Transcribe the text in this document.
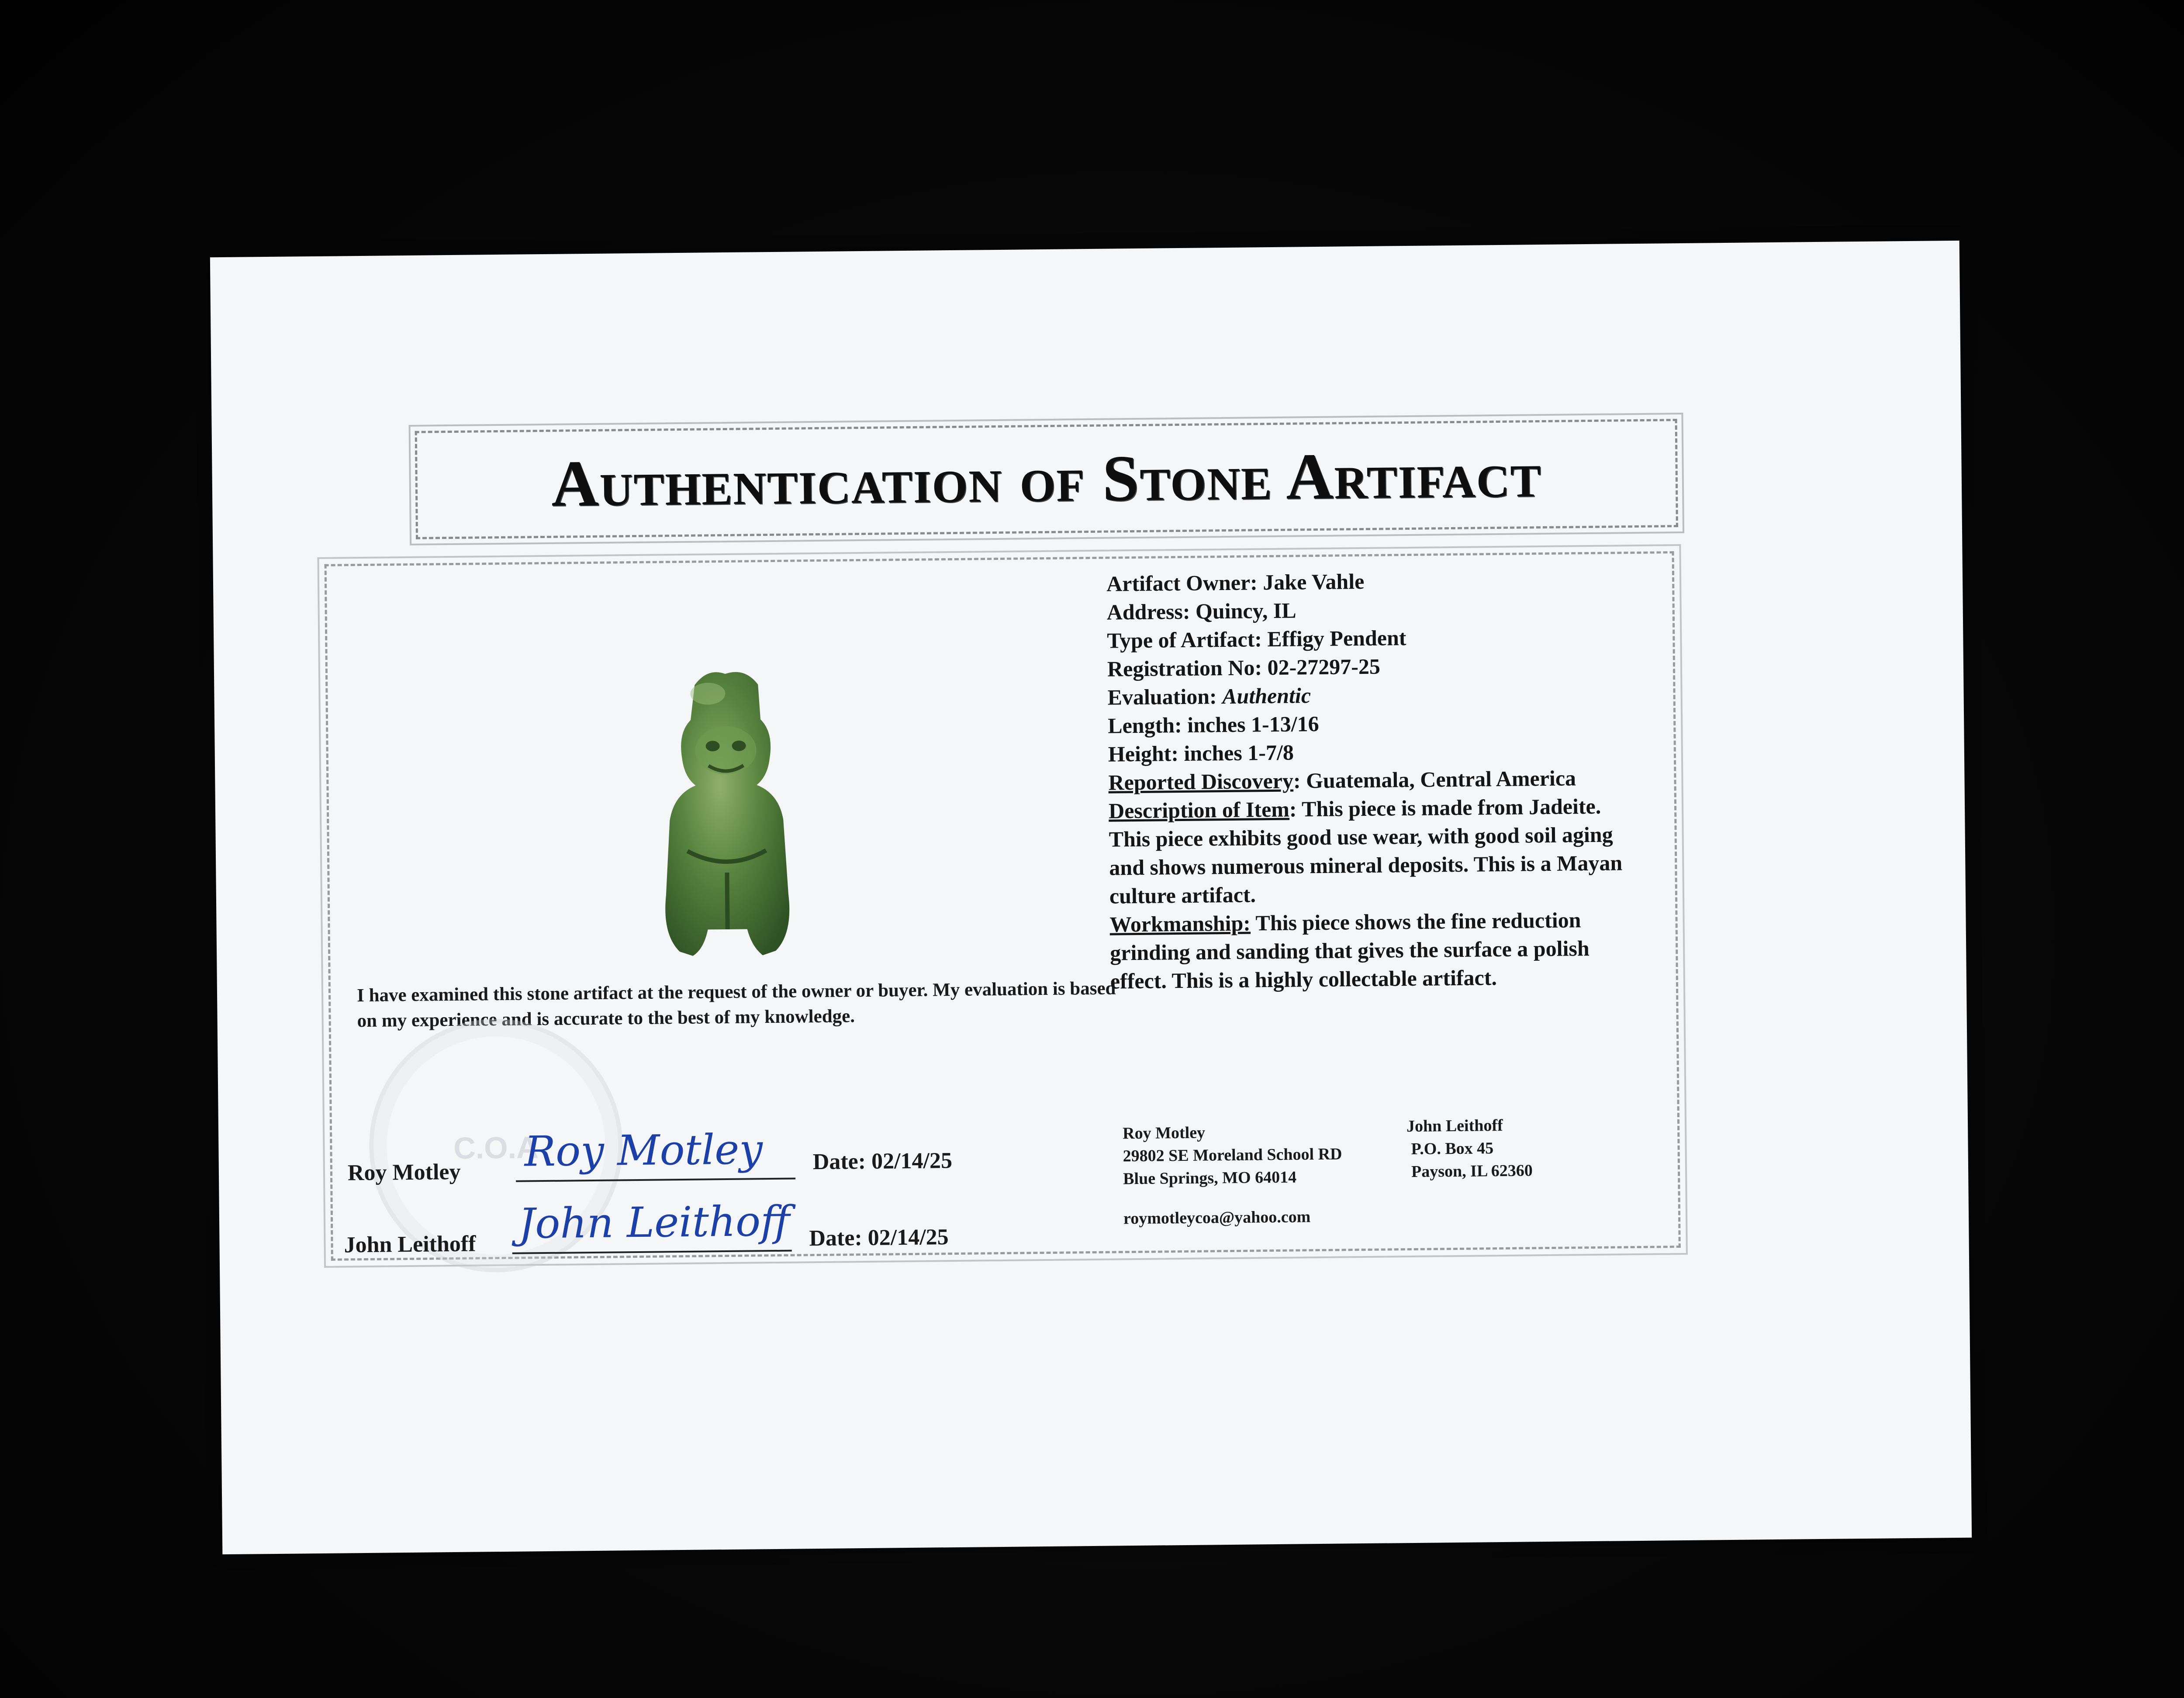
Authentication of Stone Artifact
I have examined this stone artifact at the request of the owner or buyer. My evaluation is based on my experience and is accurate to the best of my knowledge.
Artifact Owner: Jake Vahle
Address: Quincy, IL
Type of Artifact: Effigy Pendent
Registration No: 02-27297-25
Evaluation: Authentic
Length: inches 1-13/16
Height: inches 1-7/8
Reported Discovery: Guatemala, Central America
Description of Item: This piece is made from Jadeite. This piece exhibits good use wear, with good soil aging and shows numerous mineral deposits. This is a Mayan culture artifact.
Workmanship: This piece shows the fine reduction grinding and sanding that gives the surface a polish effect. This is a highly collectable artifact.
C.O.A
Roy Motley Roy Motley Date: 02/14/25
John Leithoff John Leithoff Date: 02/14/25
Roy Motley
29802 SE Moreland School RD
Blue Springs, MO 64014
John Leithoff
P.O. Box 45
Payson, IL 62360
roymotleycoa@yahoo.com
